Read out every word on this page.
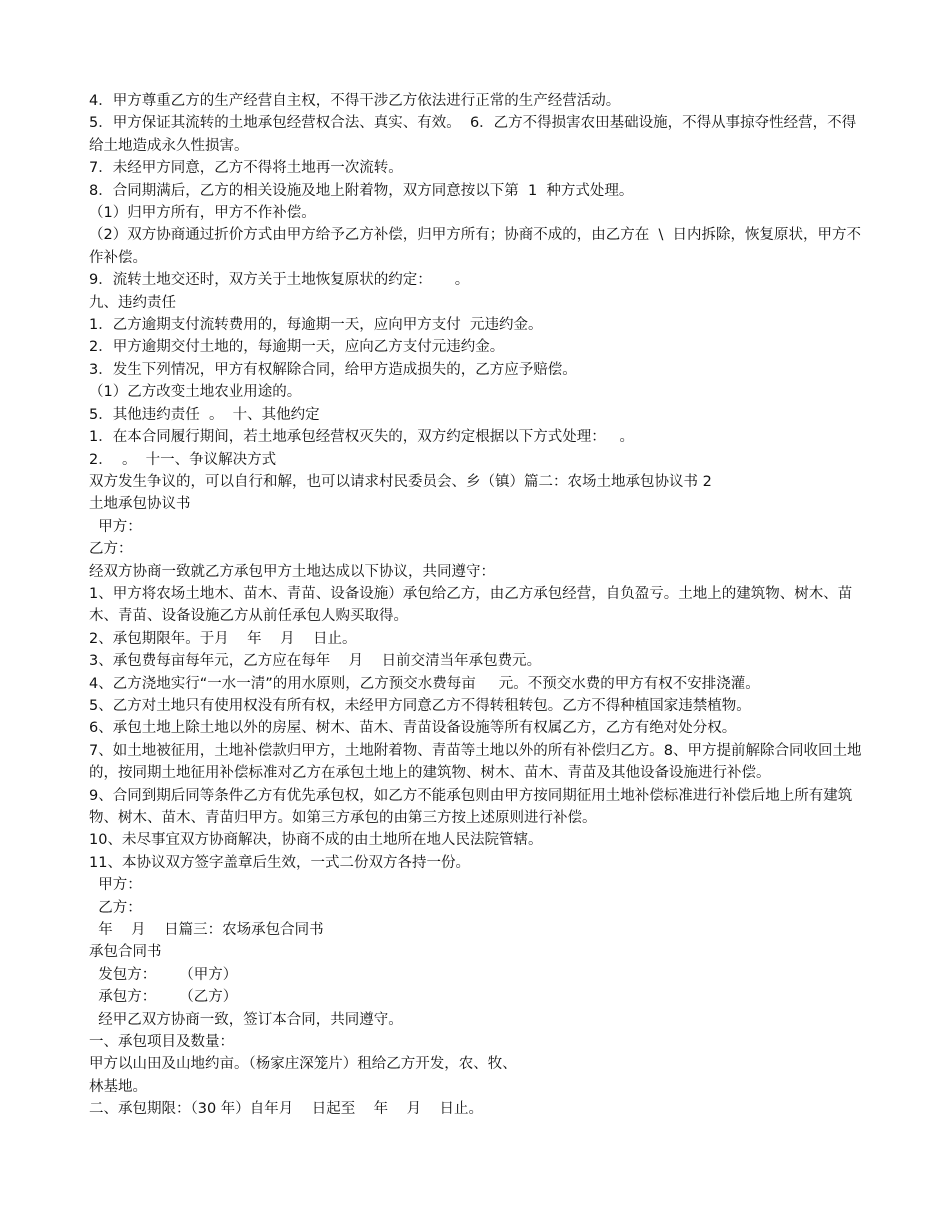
4．甲方尊重乙方的生产经营自主权，不得干涉乙方依法进行正常的生产经营活动。

5．甲方保证其流转的土地承包经营权合法、真实、有效。  6．乙方不得损害农田基础设施，不得从事掠夺性经营，不得给土地造成永久性损害。

7．未经甲方同意，乙方不得将土地再一次流转。

8．合同期满后，乙方的相关设施及地上附着物，双方同意按以下第  1  种方式处理。

（1）归甲方所有，甲方不作补偿。

（2）双方协商通过折价方式由甲方给予乙方补偿，归甲方所有；协商不成的，由乙方在  \  日内拆除，恢复原状，甲方不作补偿。

9．流转土地交还时，双方关于土地恢复原状的约定：     。

九、违约责任

1．乙方逾期支付流转费用的，每逾期一天，应向甲方支付  元违约金。

2．甲方逾期交付土地的，每逾期一天，应向乙方支付元违约金。

3．发生下列情况，甲方有权解除合同，给甲方造成损失的，乙方应予赔偿。

（1）乙方改变土地农业用途的。

5．其他违约责任  。  十、其他约定

1．在本合同履行期间，若土地承包经营权灭失的，双方约定根据以下方式处理：   。

2．  。  十一、争议解决方式

双方发生争议的，可以自行和解，也可以请求村民委员会、乡（镇）篇二：农场土地承包协议书 2

土地承包协议书

甲方：

乙方：

经双方协商一致就乙方承包甲方土地达成以下协议，共同遵守：

1、甲方将农场土地木、苗木、青苗、设备设施）承包给乙方，由乙方承包经营，自负盈亏。土地上的建筑物、树木、苗木、青苗、设备设施乙方从前任承包人购买取得。

2、承包期限年。于月    年    月    日止。

3、承包费每亩每年元，乙方应在每年    月    日前交清当年承包费元。

4、乙方浇地实行“一水一清”的用水原则，乙方预交水费每亩     元。不预交水费的甲方有权不安排浇灌。

5、乙方对土地只有使用权没有所有权，未经甲方同意乙方不得转租转包。乙方不得种植国家违禁植物。

6、承包土地上除土地以外的房屋、树木、苗木、青苗设备设施等所有权属乙方，乙方有绝对处分权。

7、如土地被征用，土地补偿款归甲方，土地附着物、青苗等土地以外的所有补偿归乙方。8、甲方提前解除合同收回土地的，按同期土地征用补偿标准对乙方在承包土地上的建筑物、树木、苗木、青苗及其他设备设施进行补偿。

9、合同到期后同等条件乙方有优先承包权，如乙方不能承包则由甲方按同期征用土地补偿标准进行补偿后地上所有建筑物、树木、苗木、青苗归甲方。如第三方承包的由第三方按上述原则进行补偿。

10、未尽事宜双方协商解决，协商不成的由土地所在地人民法院管辖。

11、本协议双方签字盖章后生效，一式二份双方各持一份。

甲方：

乙方：

年    月    日篇三：农场承包合同书

承包合同书

发包方：     （甲方）

承包方：     （乙方）

经甲乙双方协商一致，签订本合同，共同遵守。

一、承包项目及数量：

甲方以山田及山地约亩。（杨家庄深笼片）租给乙方开发，农、牧、

林基地。

二、承包期限：（30 年）自年月    日起至    年    月    日止。
